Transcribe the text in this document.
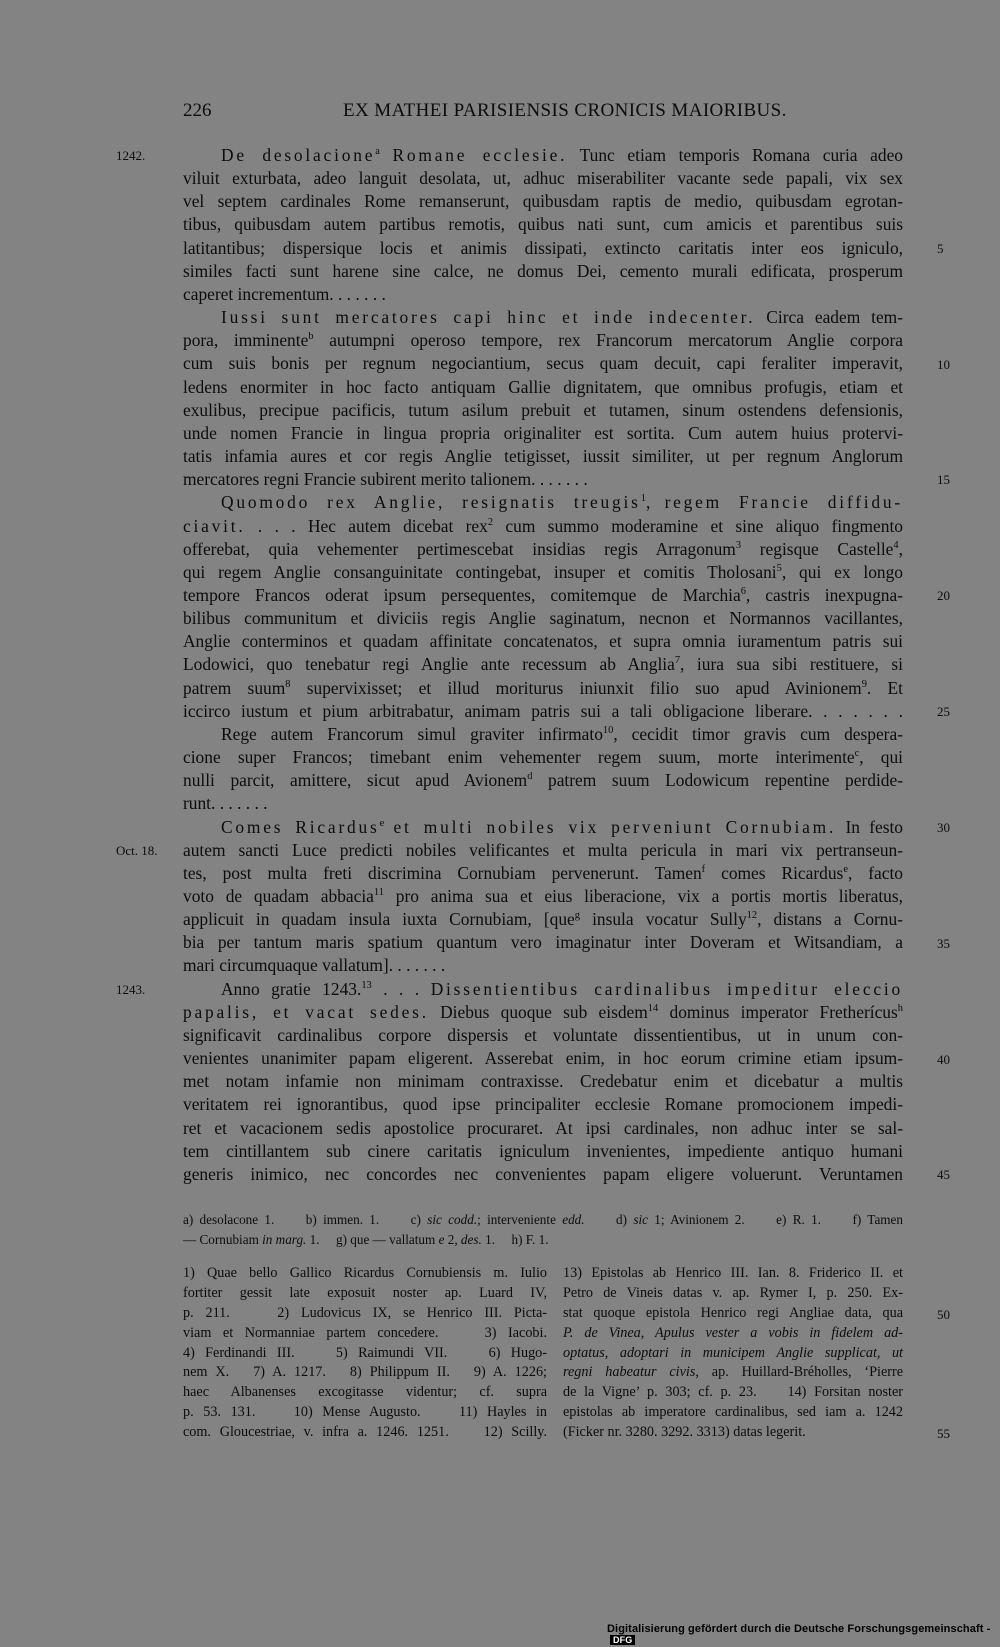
226	EX MATHEI PARISIENSIS CRONICIS MAIORIBUS.
De desolacione$^a$ Romane ecclesie. Tunc etiam temporis Romana curia adeo
viluit exturbata, adeo languit desolata, ut, adhuc miserabiliter vacante sede papali, vix sex
vel septem cardinales Rome remanserunt, quibusdam raptis de medio, quibusdam egrotan-
tibus, quibusdam autem partibus remotis, quibus nati sunt, cum amicis et parentibus suis
latitantibus; dispersique locis et animis dissipati, extincto caritatis inter eos igniculo,
similes facti sunt harene sine calce, ne domus Dei, cemento murali edificata, prosperum
caperet incrementum. . . . . . .
Iussi sunt mercatores capi hinc et inde indecenter. Circa eadem tem-
pora, imminente$^b$ autumpni operoso tempore, rex Francorum mercatorum Anglie corpora
cum suis bonis per regnum negociantium, secus quam decuit, capi feraliter imperavit,
ledens enormiter in hoc facto antiquam Gallie dignitatem, que omnibus profugis, etiam et
exulibus, precipue pacificis, tutum asilum prebuit et tutamen, sinum ostendens defensionis,
unde nomen Francie in lingua propria originaliter est sortita. Cum autem huius protervi-
tatis infamia aures et cor regis Anglie tetigisset, iussit similiter, ut per regnum Anglorum
mercatores regni Francie subirent merito talionem. . . . . . .
Quomodo rex Anglie, resignatis treugis$^1$, regem Francie diffidu-
ciavit. . . . Hec autem dicebat rex$^2$ cum summo moderamine et sine aliquo fingmento
offerebat, quia vehementer pertimescebat insidias regis Arragonum$^3$ regisque Castelle$^4$,
qui regem Anglie consanguinitate contingebat, insuper et comitis Tholosani$^5$, qui ex longo
tempore Francos oderat ipsum persequentes, comitemque de Marchia$^6$, castris inexpugna-
bilibus communitum et diviciis regis Anglie saginatum, necnon et Normannos vacillantes,
Anglie conterminos et quadam affinitate concatenatos, et supra omnia iuramentum patris sui
Lodowici, quo tenebatur regi Anglie ante recessum ab Anglia$^7$, iura sua sibi restituere, si
patrem suum$^8$ supervixisset; et illud moriturus iniunxit filio suo apud Avinionem$^9$. Et
iccirco iustum et pium arbitrabatur, animam patris sui a tali obligacione liberare. . . . . . .
Rege autem Francorum simul graviter infirmato$^{10}$, cecidit timor gravis cum despera-
cione super Francos; timebant enim vehementer regem suum, morte interimente$^c$, qui
nulli parcit, amittere, sicut apud Avionem$^d$ patrem suum Lodowicum repentine perdide-
runt. . . . . . .
Comes Ricardus$^e$ et multi nobiles vix perveniunt Cornubiam. In festo
autem sancti Luce predicti nobiles velificantes et multa pericula in mari vix pertranseun-
tes, post multa freti discrimina Cornubiam pervenerunt. Tamen$^f$ comes Ricardus$^e$, facto
voto de quadam abbacia$^{11}$ pro anima sua et eius liberacione, vix a portis mortis liberatus,
applicuit in quadam insula iuxta Cornubiam, [que$^g$ insula vocatur Sully$^{12}$, distans a Cornu-
bia per tantum maris spatium quantum vero imaginatur inter Doveram et Witsandiam, a
mari circumquaque vallatum]. . . . . . .
Anno gratie 1243.13 . . . Dissentientibus cardinalibus impeditur eleccio
papalis, et vacat sedes. Diebus quoque sub eisdem$^{14}$ dominus imperator Fretherícus$^h$
significavit cardinalibus corpore dispersis et voluntate dissentientibus, ut in unum con-
venientes unanimiter papam eligerent. Asserebat enim, in hoc eorum crimine etiam ipsum-
met notam infamie non minimam contraxisse. Credebatur enim et dicebatur a multis
veritatem rei ignorantibus, quod ipse principaliter ecclesie Romane promocionem impedi-
ret et vacacionem sedis apostolice procuraret. At ipsi cardinales, non adhuc inter se sal-
tem cintillantem sub cinere caritatis igniculum invenientes, impediente antiquo humani
generis inimico, nec concordes nec convenientes papam eligere voluerunt. Veruntamen
1242.
Oct. 18.
1243.
5
10
15
20
25
30
35
40
45
50
55
a) desolacone 1.     b) immen. 1.     c) sic codd.; interveniente edd.     d) sic 1; Avinionem 2.     e) R. 1.     f) Tamen
— Cornubiam in marg. 1.     g) que — vallatum e 2, des. 1.     h) F. 1.
1) Quae bello Gallico Ricardus Cornubiensis m. Iulio
fortiter gessit late exposuit noster ap. Luard IV,
p. 211.    2) Ludovicus IX, se Henrico III. Picta-
viam et Normanniae partem concedere.    3) Iacobi.
4) Ferdinandi III.    5) Raimundi VII.    6) Hugo-
nem X.   7) A. 1217.   8) Philippum II.   9) A. 1226;
haec Albanenses excogitasse videntur; cf. supra
p. 53. 131.    10) Mense Augusto.    11) Hayles in
com. Gloucestriae, v. infra a. 1246. 1251.    12) Scilly.
13) Epistolas ab Henrico III. Ian. 8. Friderico II. et
Petro de Vineis datas v. ap. Rymer I, p. 250. Ex-
stat quoque epistola Henrico regi Angliae data, qua
P. de Vinea, Apulus vester a vobis in fidelem ad-
optatus, adoptari in municipem Anglie supplicat, ut
regni habeatur civis, ap. Huillard-Bréholles, ‘Pierre
de la Vigne’ p. 303; cf. p. 23.    14) Forsitan noster
epistolas ab imperatore cardinalibus, sed iam a. 1242
(Ficker nr. 3280. 3292. 3313) datas legerit.
Digitalisierung gefördert durch die Deutsche Forschungsgemeinschaft -DFG
